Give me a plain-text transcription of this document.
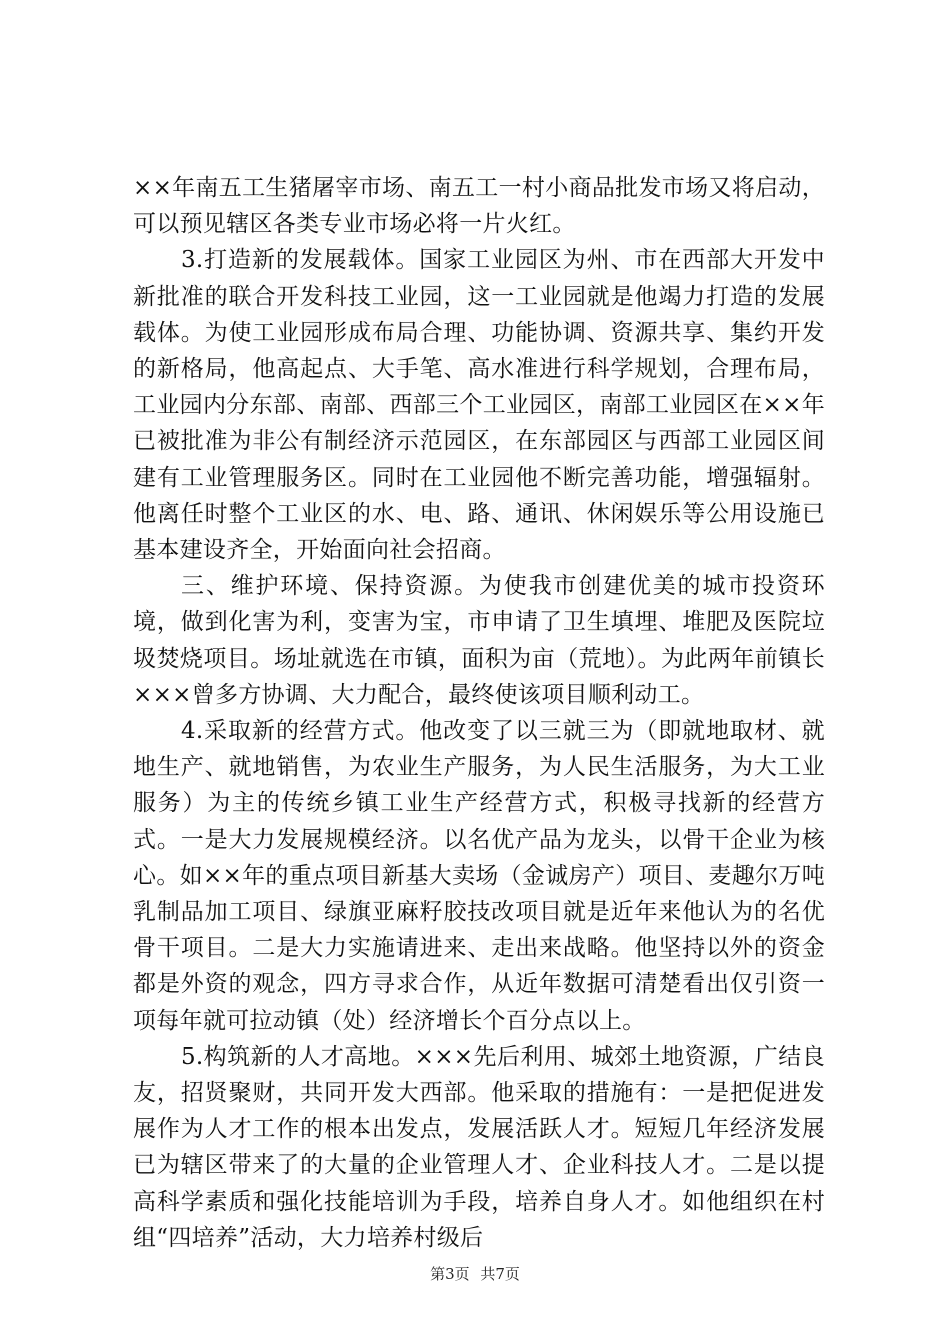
××年南五工生猪屠宰市场、南五工一村小商品批发市场又将启动，可以预见辖区各类专业市场必将一片火红。

3.打造新的发展载体。国家工业园区为州、市在西部大开发中新批准的联合开发科技工业园，这一工业园就是他竭力打造的发展载体。为使工业园形成布局合理、功能协调、资源共享、集约开发的新格局，他高起点、大手笔、高水准进行科学规划，合理布局，工业园内分东部、南部、西部三个工业园区，南部工业园区在××年已被批准为非公有制经济示范园区，在东部园区与西部工业园区间建有工业管理服务区。同时在工业园他不断完善功能，增强辐射。他离任时整个工业区的水、电、路、通讯、休闲娱乐等公用设施已基本建设齐全，开始面向社会招商。

三、维护环境、保持资源。为使我市创建优美的城市投资环境，做到化害为利，变害为宝，市申请了卫生填埋、堆肥及医院垃圾焚烧项目。场址就选在市镇，面积为亩（荒地）。为此两年前镇长×××曾多方协调、大力配合，最终使该项目顺利动工。

4.采取新的经营方式。他改变了以三就三为（即就地取材、就地生产、就地销售，为农业生产服务，为人民生活服务，为大工业服务）为主的传统乡镇工业生产经营方式，积极寻找新的经营方式。一是大力发展规模经济。以名优产品为龙头，以骨干企业为核心。如××年的重点项目新基大卖场（金诚房产）项目、麦趣尔万吨乳制品加工项目、绿旗亚麻籽胶技改项目就是近年来他认为的名优骨干项目。二是大力实施请进来、走出来战略。他坚持以外的资金都是外资的观念，四方寻求合作，从近年数据可清楚看出仅引资一项每年就可拉动镇（处）经济增长个百分点以上。

5.构筑新的人才高地。×××先后利用、城郊土地资源，广结良友，招贤聚财，共同开发大西部。他采取的措施有：一是把促进发展作为人才工作的根本出发点，发展活跃人才。短短几年经济发展已为辖区带来了的大量的企业管理人才、企业科技人才。二是以提高科学素质和强化技能培训为手段，培养自身人才。如他组织在村组“四培养”活动，大力培养村级后

第3页 共7页
